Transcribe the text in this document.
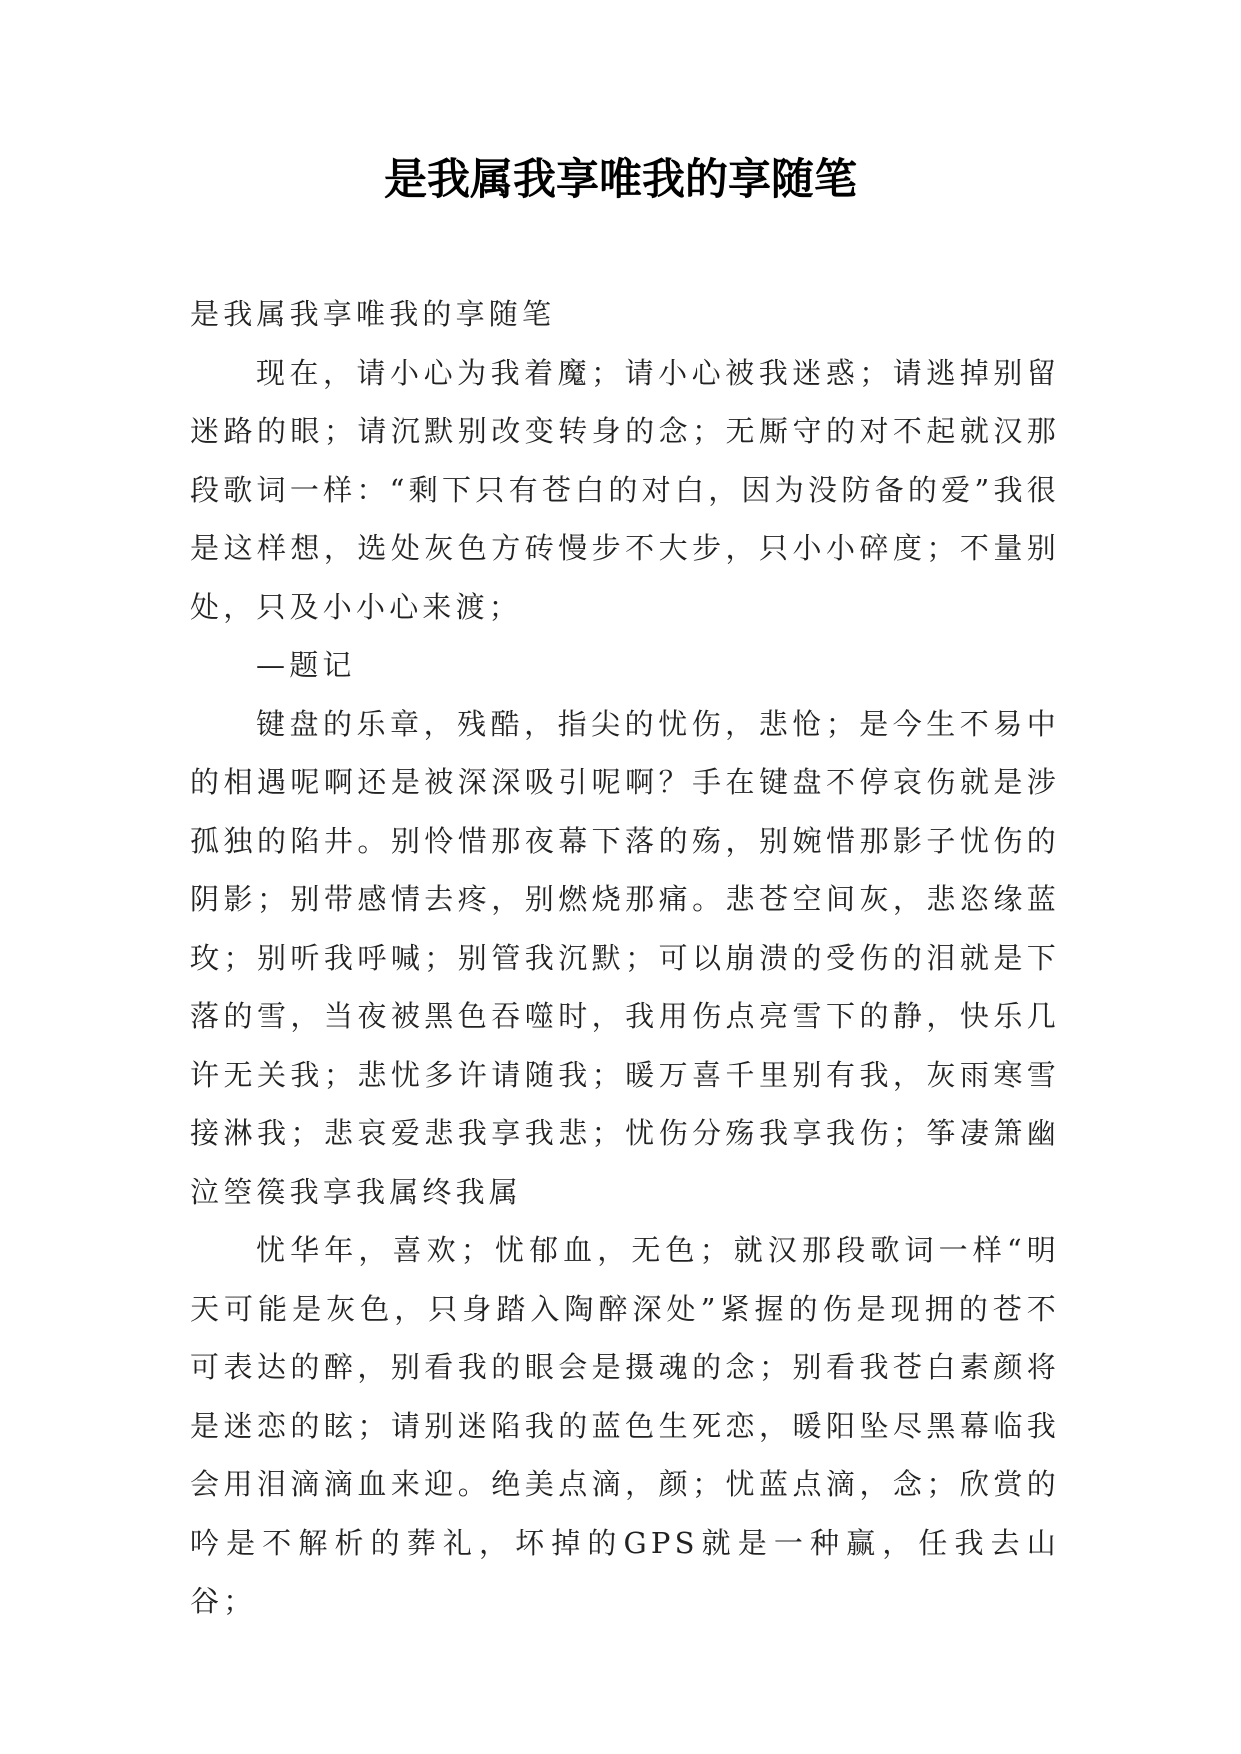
是我属我享唯我的享随笔

是我属我享唯我的享随笔

现在，请小心为我着魔；请小心被我迷惑；请逃掉别留迷路的眼；请沉默别改变转身的念；无厮守的对不起就汉那段歌词一样：“剩下只有苍白的对白，因为没防备的爱”我很是这样想，选处灰色方砖慢步不大步，只小小碎度；不量别处，只及小小心来渡；

—题记

键盘的乐章，残酷，指尖的忧伤，悲怆；是今生不易中的相遇呢啊还是被深深吸引呢啊？手在键盘不停哀伤就是涉孤独的陷井。别怜惜那夜幕下落的殇，别婉惜那影子忧伤的阴影；别带感情去疼，别燃烧那痛。悲苍空间灰，悲恣缘蓝玫；别听我呼喊；别管我沉默；可以崩溃的受伤的泪就是下落的雪，当夜被黑色吞噬时，我用伤点亮雪下的静，快乐几许无关我；悲忧多许请随我；暖万喜千里别有我，灰雨寒雪接淋我；悲哀爱悲我享我悲；忧伤分殇我享我伤；筝凄箫幽泣箜篌我享我属终我属

忧华年，喜欢；忧郁血，无色；就汉那段歌词一样“明天可能是灰色，只身踏入陶醉深处”紧握的伤是现拥的苍不可表达的醉，别看我的眼会是摄魂的念；别看我苍白素颜将是迷恋的眩；请别迷陷我的蓝色生死恋，暖阳坠尽黑幕临我会用泪滴滴血来迎。绝美点滴，颜；忧蓝点滴，念；欣赏的吟是不解析的葬礼，坏掉的GPS就是一种赢，任我去山谷；
